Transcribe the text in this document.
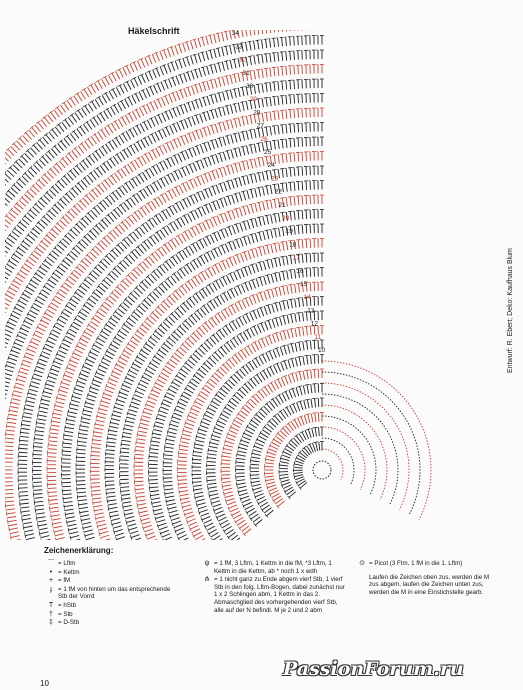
Häkelschrift
10
11
12
13
14
15
16
17
18
19
20
21
22
23
24
25
26
27
28
29
30
31
32
33
34
Entwurf: R. Ebert; Deko: Kaufhaus Blum
Zeichenerklärung:
⌒ = Lftm
• = Kettm
+ = fM
ɟ = 1 fM von hinten um das entsprechende Stb der Vorrd
T = hStb
† = Stb
‡ = D-Stb
ψ = 1 fM, 3 Lftm, 1 Kettm in die fM, *3 Lftm, 1 Kettm in die Kettm, ab * noch 1 x wdh
⋔ = 1 nicht ganz zu Ende abgem vierf Stb, 1 vierf Stb in den folg. Lftm-Bogen, dabei zunächst nur 1 x 2 Schlingen abm, 1 Kettm in das 2. Abmaschglied des vorhergehenden vierf Stb, alle auf der N befindl. M je 2 und 2 abm
⊙ = Picot (3 Ftm, 1 fM in die 1. Lftm)
Laufen die Zeichen oben zus, werden die M zus abgem, laufen die Zeichen unten zus, werden die M in eine Einstichstelle gearb.
10
PassionForum.ru
